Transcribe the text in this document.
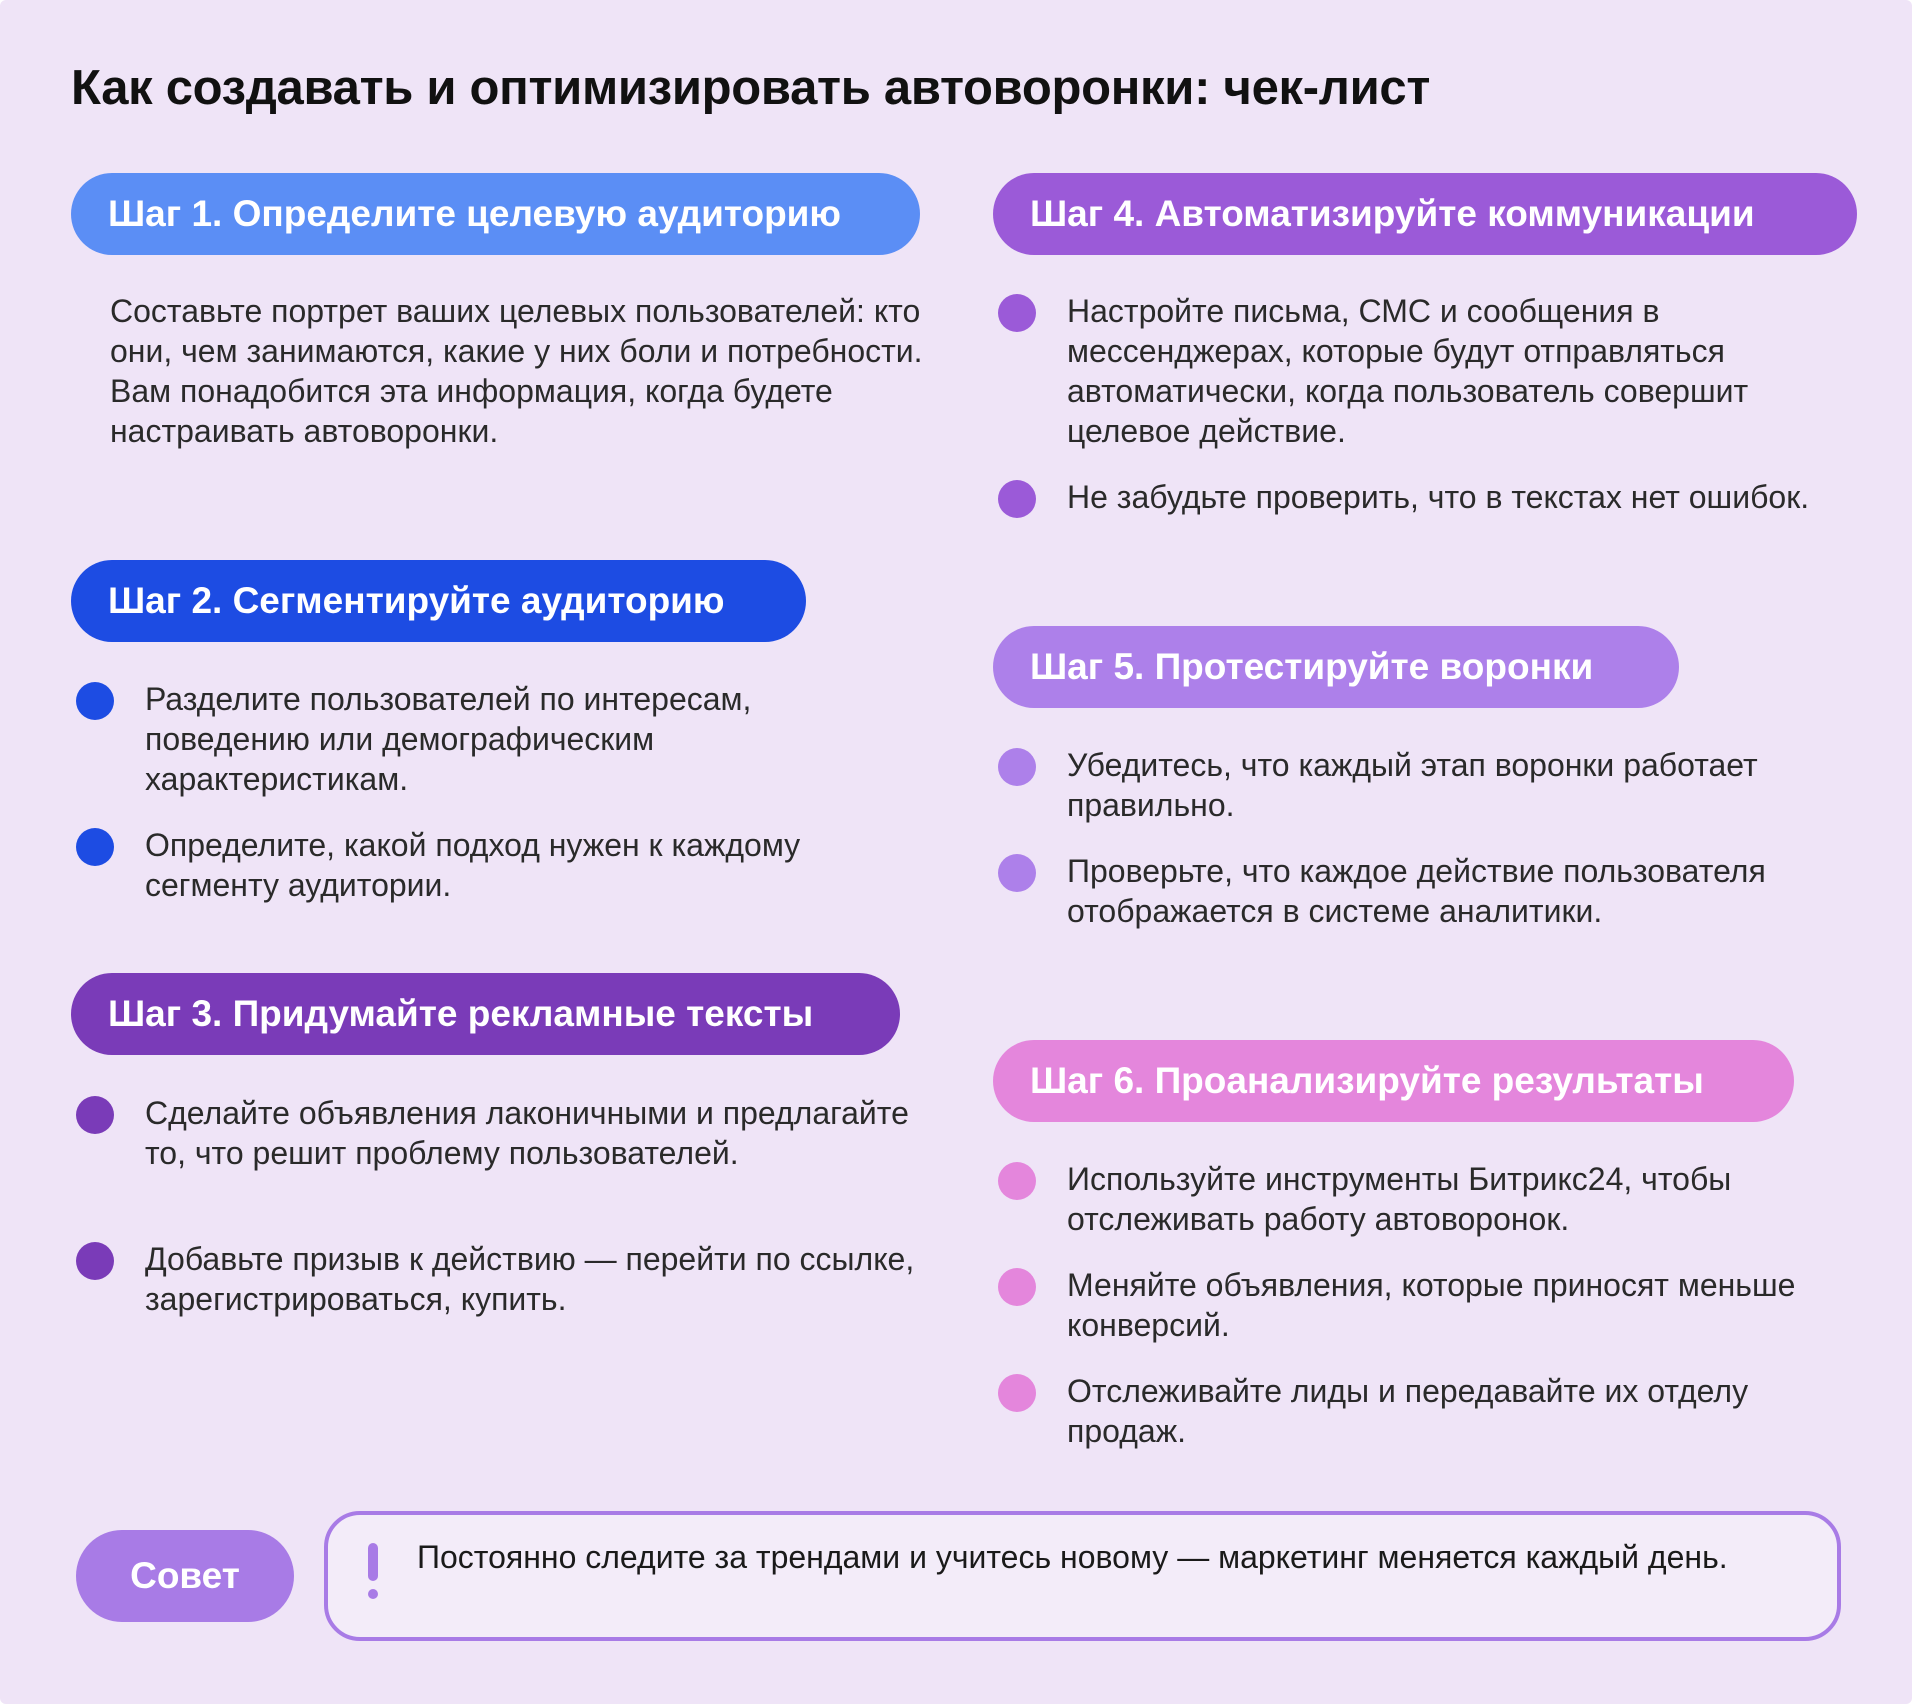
Как создавать и оптимизировать автоворонки: чек-лист
Шаг 1. Определите целевую аудиторию
Составьте портрет ваших целевых пользователей: кто они, чем занимаются, какие у них боли и потребности. Вам понадобится эта информация, когда будете настраивать автоворонки.
Шаг 2. Сегментируйте аудиторию
Разделите пользователей по интересам, поведению или демографическим характеристикам.
Определите, какой подход нужен к каждому сегменту аудитории.
Шаг 3. Придумайте рекламные тексты
Сделайте объявления лаконичными и предлагайте то, что решит проблему пользователей.
Добавьте призыв к действию — перейти по ссылке, зарегистрироваться, купить.
Шаг 4. Автоматизируйте коммуникации
Настройте письма, СМС и сообщения в мессенджерах, которые будут отправляться автоматически, когда пользователь совершит целевое действие.
Не забудьте проверить, что в текстах нет ошибок.
Шаг 5. Протестируйте воронки
Убедитесь, что каждый этап воронки работает правильно.
Проверьте, что каждое действие пользователя отображается в системе аналитики.
Шаг 6. Проанализируйте результаты
Используйте инструменты Битрикс24, чтобы отслеживать работу автоворонок.
Меняйте объявления, которые приносят меньше конверсий.
Отслеживайте лиды и передавайте их отделу продаж.
Совет	Постоянно следите за трендами и учитесь новому — маркетинг меняется каждый день.
